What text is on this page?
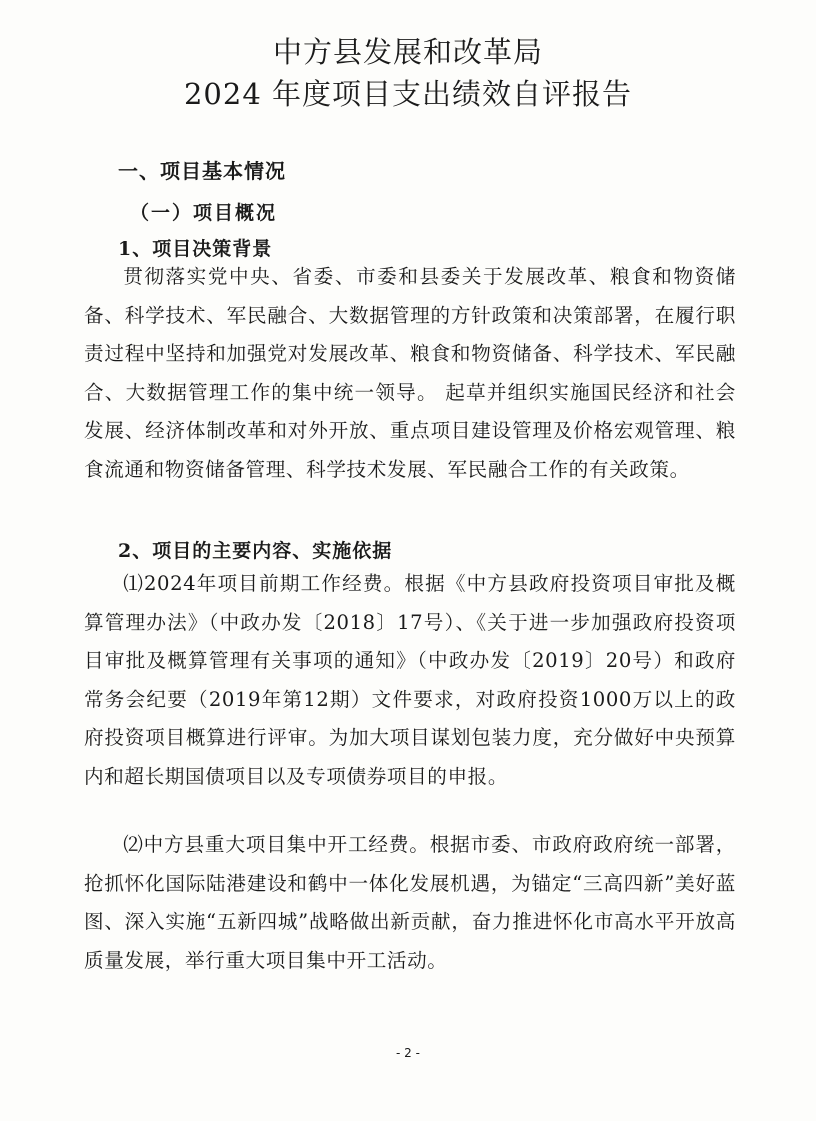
中方县发展和改革局
2024 年度项目支出绩效自评报告
一、项目基本情况
（一）项目概况
1、项目决策背景

贯彻落实党中央、省委、市委和县委关于发展改革、粮食和物资储备、科学技术、军民融合、大数据管理的方针政策和决策部署，在履行职责过程中坚持和加强党对发展改革、粮食和物资储备、科学技术、军民融合、大数据管理工作的集中统一领导。 起草并组织实施国民经济和社会发展、经济体制改革和对外开放、重点项目建设管理及价格宏观管理、粮食流通和物资储备管理、科学技术发展、军民融合工作的有关政策。

2、项目的主要内容、实施依据

⑴2024年项目前期工作经费。根据《中方县政府投资项目审批及概算管理办法》（中政办发〔2018〕17号）、《关于进一步加强政府投资项目审批及概算管理有关事项的通知》（中政办发〔2019〕20号）和政府常务会纪要（2019年第12期）文件要求，对政府投资1000万以上的政府投资项目概算进行评审。为加大项目谋划包装力度，充分做好中央预算内和超长期国债项目以及专项债券项目的申报。

⑵中方县重大项目集中开工经费。根据市委、市政府政府统一部署，抢抓怀化国际陆港建设和鹤中一体化发展机遇，为锚定“三高四新”美好蓝图、深入实施“五新四城”战略做出新贡献，奋力推进怀化市高水平开放高质量发展，举行重大项目集中开工活动。

- 2 -
